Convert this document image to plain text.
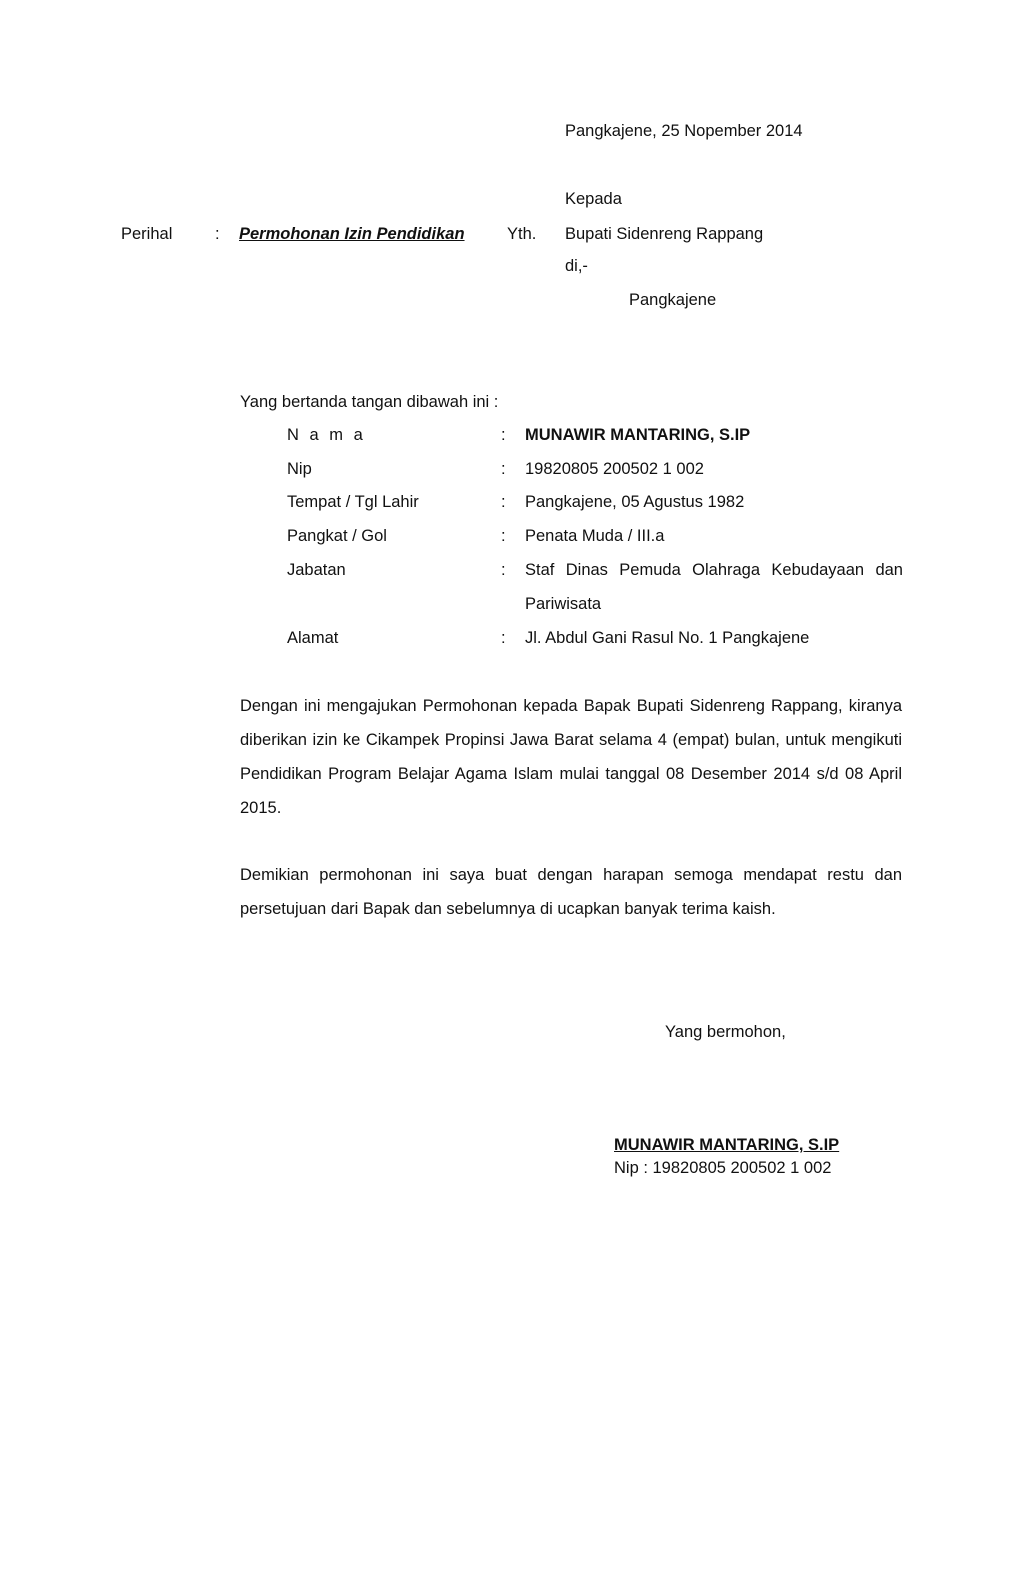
Pangkajene, 25 Nopember 2014
Kepada
Perihal	: Permohonan Izin Pendidikan	Yth. Bupati Sidenreng Rappang
di,-
Pangkajene
Yang bertanda tangan dibawah ini :
N a m a	: MUNAWIR MANTARING, S.IP
Nip	: 19820805 200502 1 002
Tempat / Tgl Lahir	: Pangkajene, 05 Agustus 1982
Pangkat / Gol	: Penata Muda / III.a
Jabatan	: Staf Dinas Pemuda Olahraga Kebudayaan dan Pariwisata
Alamat	: Jl. Abdul Gani Rasul No. 1 Pangkajene

Dengan ini mengajukan Permohonan kepada Bapak Bupati Sidenreng Rappang, kiranya diberikan izin ke Cikampek Propinsi Jawa Barat selama 4 (empat) bulan, untuk mengikuti Pendidikan Program Belajar Agama Islam mulai tanggal 08 Desember 2014 s/d 08 April 2015.

Demikian permohonan ini saya buat dengan harapan semoga mendapat restu dan persetujuan dari Bapak dan sebelumnya di ucapkan banyak terima kaish.

Yang bermohon,
MUNAWIR MANTARING, S.IP
Nip : 19820805 200502 1 002
